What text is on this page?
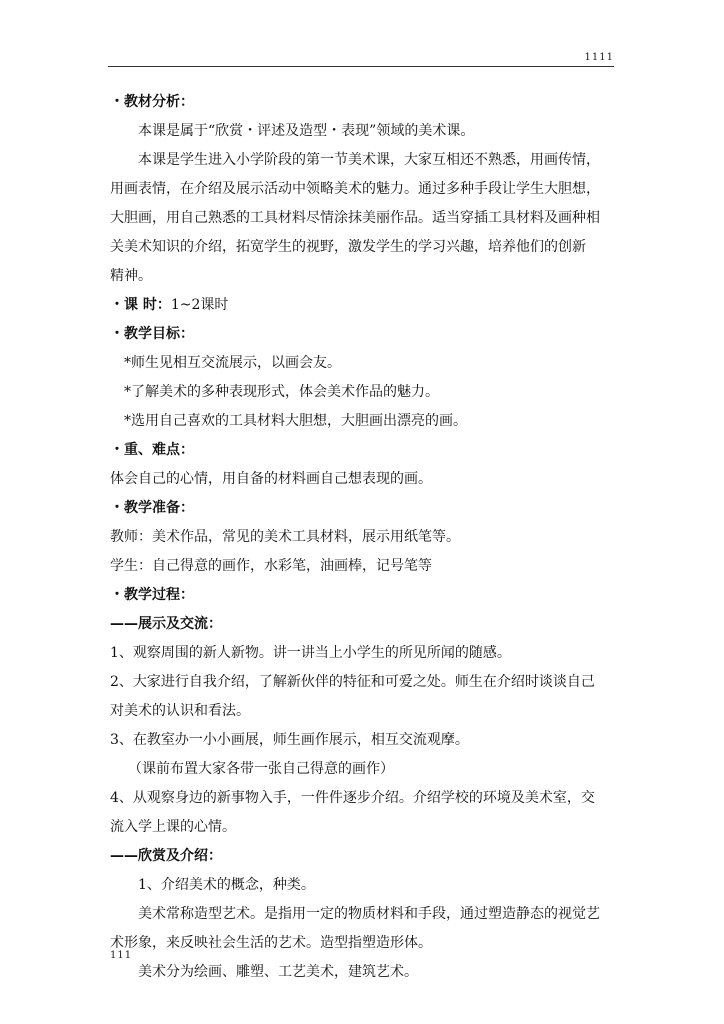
1111

・教材分析：

本课是属于“欣赏・评述及造型・表现”领域的美术课。

本课是学生进入小学阶段的第一节美术课，大家互相还不熟悉，用画传情，

用画表情，在介绍及展示活动中领略美术的魅力。通过多种手段让学生大胆想，

大胆画，用自己熟悉的工具材料尽情涂抹美丽作品。适当穿插工具材料及画种相

关美术知识的介绍，拓宽学生的视野，激发学生的学习兴趣，培养他们的创新

精神。

・课 时：1~2课时

・教学目标：

*师生见相互交流展示，以画会友。

*了解美术的多种表现形式，体会美术作品的魅力。

*选用自己喜欢的工具材料大胆想，大胆画出漂亮的画。

・重、难点：

体会自己的心情，用自备的材料画自己想表现的画。

・教学准备：

教师：美术作品，常见的美术工具材料，展示用纸笔等。

学生：自己得意的画作，水彩笔，油画棒，记号笔等

・教学过程：

——展示及交流：

1、观察周围的新人新物。讲一讲当上小学生的所见所闻的随感。

2、大家进行自我介绍，了解新伙伴的特征和可爱之处。师生在介绍时谈谈自己

对美术的认识和看法。

3、在教室办一小小画展，师生画作展示，相互交流观摩。

（课前布置大家各带一张自己得意的画作）

4、从观察身边的新事物入手，一件件逐步介绍。介绍学校的环境及美术室，交

流入学上课的心情。

——欣赏及介绍：

1、介绍美术的概念，种类。

美术常称造型艺术。是指用一定的物质材料和手段，通过塑造静态的视觉艺

术形象，来反映社会生活的艺术。造型指塑造形体。

美术分为绘画、雕塑、工艺美术，建筑艺术。

111
